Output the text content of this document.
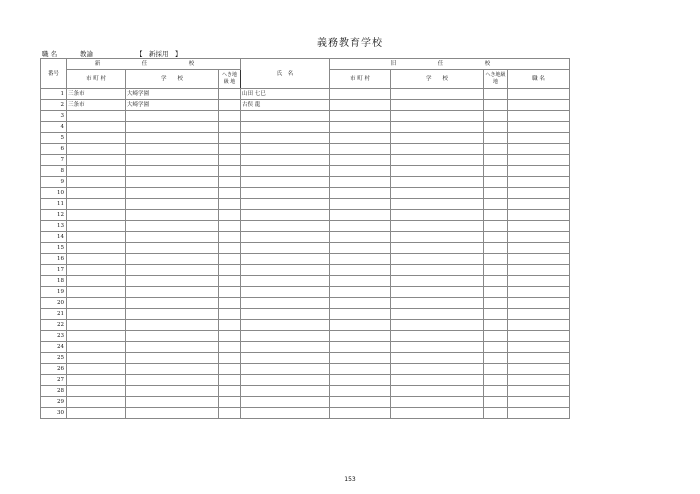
義務教育学校
職 名	教諭	【　新採用　】
番号	新　任　校			氏　名	旧　任　校			
	市 町 村	学　　校	へき地級 地		市 町 村	学　　校	へき地級 地	職 名
1	三条市	大崎学園		山田 七巳				
2	三条市	大崎学園		古俣 龍				
3								
4								
5								
6								
7								
8								
9								
10								
11								
12								
13								
14								
15								
16								
17								
18								
19								
20								
21								
22								
23								
24								
25								
26								
27								
28								
29								
30								
153
